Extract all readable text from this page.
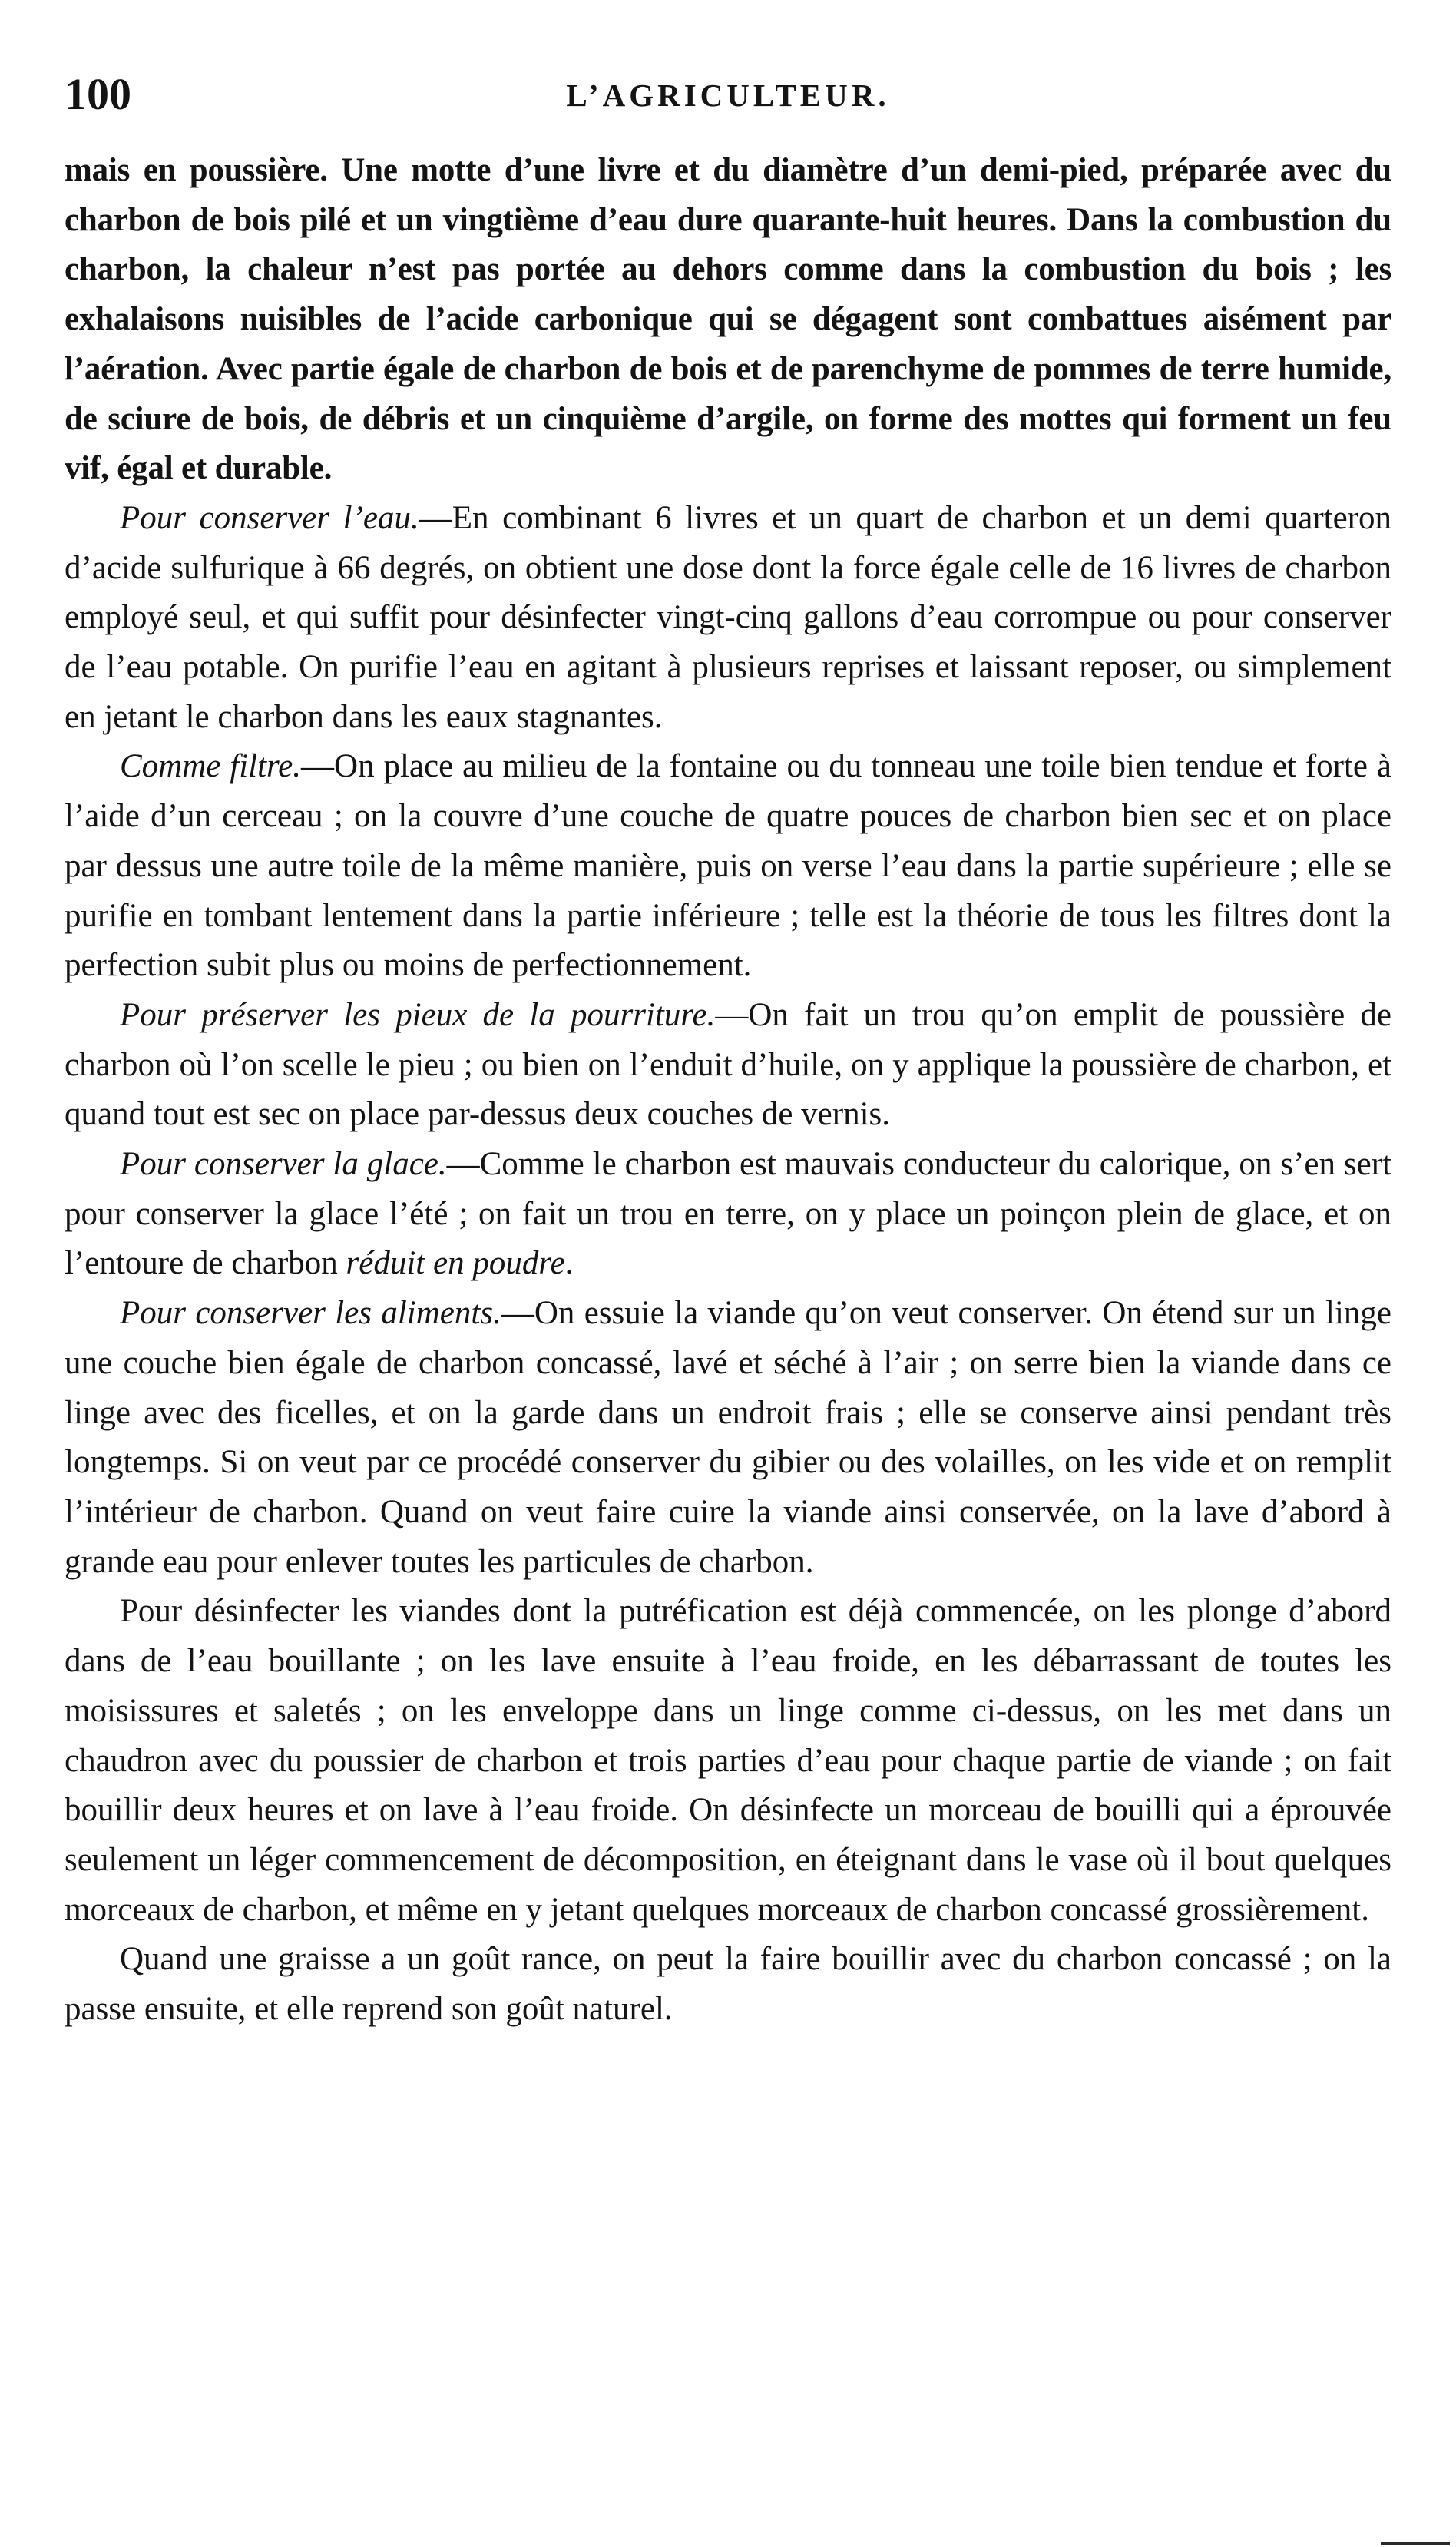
100	L’AGRICULTEUR.

mais en poussière. Une motte d’une livre et du diamètre d’un demi-pied, préparée avec du charbon de bois pilé et un vingtième d’eau dure quarante-huit heures. Dans la combustion du charbon, la chaleur n’est pas portée au dehors comme dans la combustion du bois ; les exhalaisons nuisibles de l’acide carbonique qui se dégagent sont combattues aisément par l’aération. Avec partie égale de charbon de bois et de parenchyme de pommes de terre humide, de sciure de bois, de débris et un cinquième d’argile, on forme des mottes qui forment un feu vif, égal et durable.

Pour conserver l’eau.—En combinant 6 livres et un quart de charbon et un demi quarteron d’acide sulfurique à 66 degrés, on obtient une dose dont la force égale celle de 16 livres de charbon employé seul, et qui suffit pour désinfecter vingt-cinq gallons d’eau corrompue ou pour conserver de l’eau potable. On purifie l’eau en agitant à plusieurs reprises et laissant reposer, ou simplement en jetant le charbon dans les eaux stagnantes.

Comme filtre.—On place au milieu de la fontaine ou du tonneau une toile bien tendue et forte à l’aide d’un cerceau ; on la couvre d’une couche de quatre pouces de charbon bien sec et on place par dessus une autre toile de la même manière, puis on verse l’eau dans la partie supérieure ; elle se purifie en tombant lentement dans la partie inférieure ; telle est la théorie de tous les filtres dont la perfection subit plus ou moins de perfectionnement.

Pour préserver les pieux de la pourriture.—On fait un trou qu’on emplit de poussière de charbon où l’on scelle le pieu ; ou bien on l’enduit d’huile, on y applique la poussière de charbon, et quand tout est sec on place par-dessus deux couches de vernis.

Pour conserver la glace.—Comme le charbon est mauvais conducteur du calorique, on s’en sert pour conserver la glace l’été ; on fait un trou en terre, on y place un poinçon plein de glace, et on l’entoure de charbon réduit en poudre.

Pour conserver les aliments.—On essuie la viande qu’on veut conserver. On étend sur un linge une couche bien égale de charbon concassé, lavé et séché à l’air ; on serre bien la viande dans ce linge avec des ficelles, et on la garde dans un endroit frais ; elle se conserve ainsi pendant très longtemps. Si on veut par ce procédé conserver du gibier ou des volailles, on les vide et on remplit l’intérieur de charbon. Quand on veut faire cuire la viande ainsi conservée, on la lave d’abord à grande eau pour enlever toutes les particules de charbon.

Pour désinfecter les viandes dont la putréfication est déjà commencée, on les plonge d’abord dans de l’eau bouillante ; on les lave ensuite à l’eau froide, en les débarrassant de toutes les moisissures et saletés ; on les enveloppe dans un linge comme ci-dessus, on les met dans un chaudron avec du poussier de charbon et trois parties d’eau pour chaque partie de viande ; on fait bouillir deux heures et on lave à l’eau froide. On désinfecte un morceau de bouilli qui a éprouvée seulement un léger commencement de décomposition, en éteignant dans le vase où il bout quelques morceaux de charbon, et même en y jetant quelques morceaux de charbon concassé grossièrement.

Quand une graisse a un goût rance, on peut la faire bouillir avec du charbon concassé ; on la passe ensuite, et elle reprend son goût naturel.
